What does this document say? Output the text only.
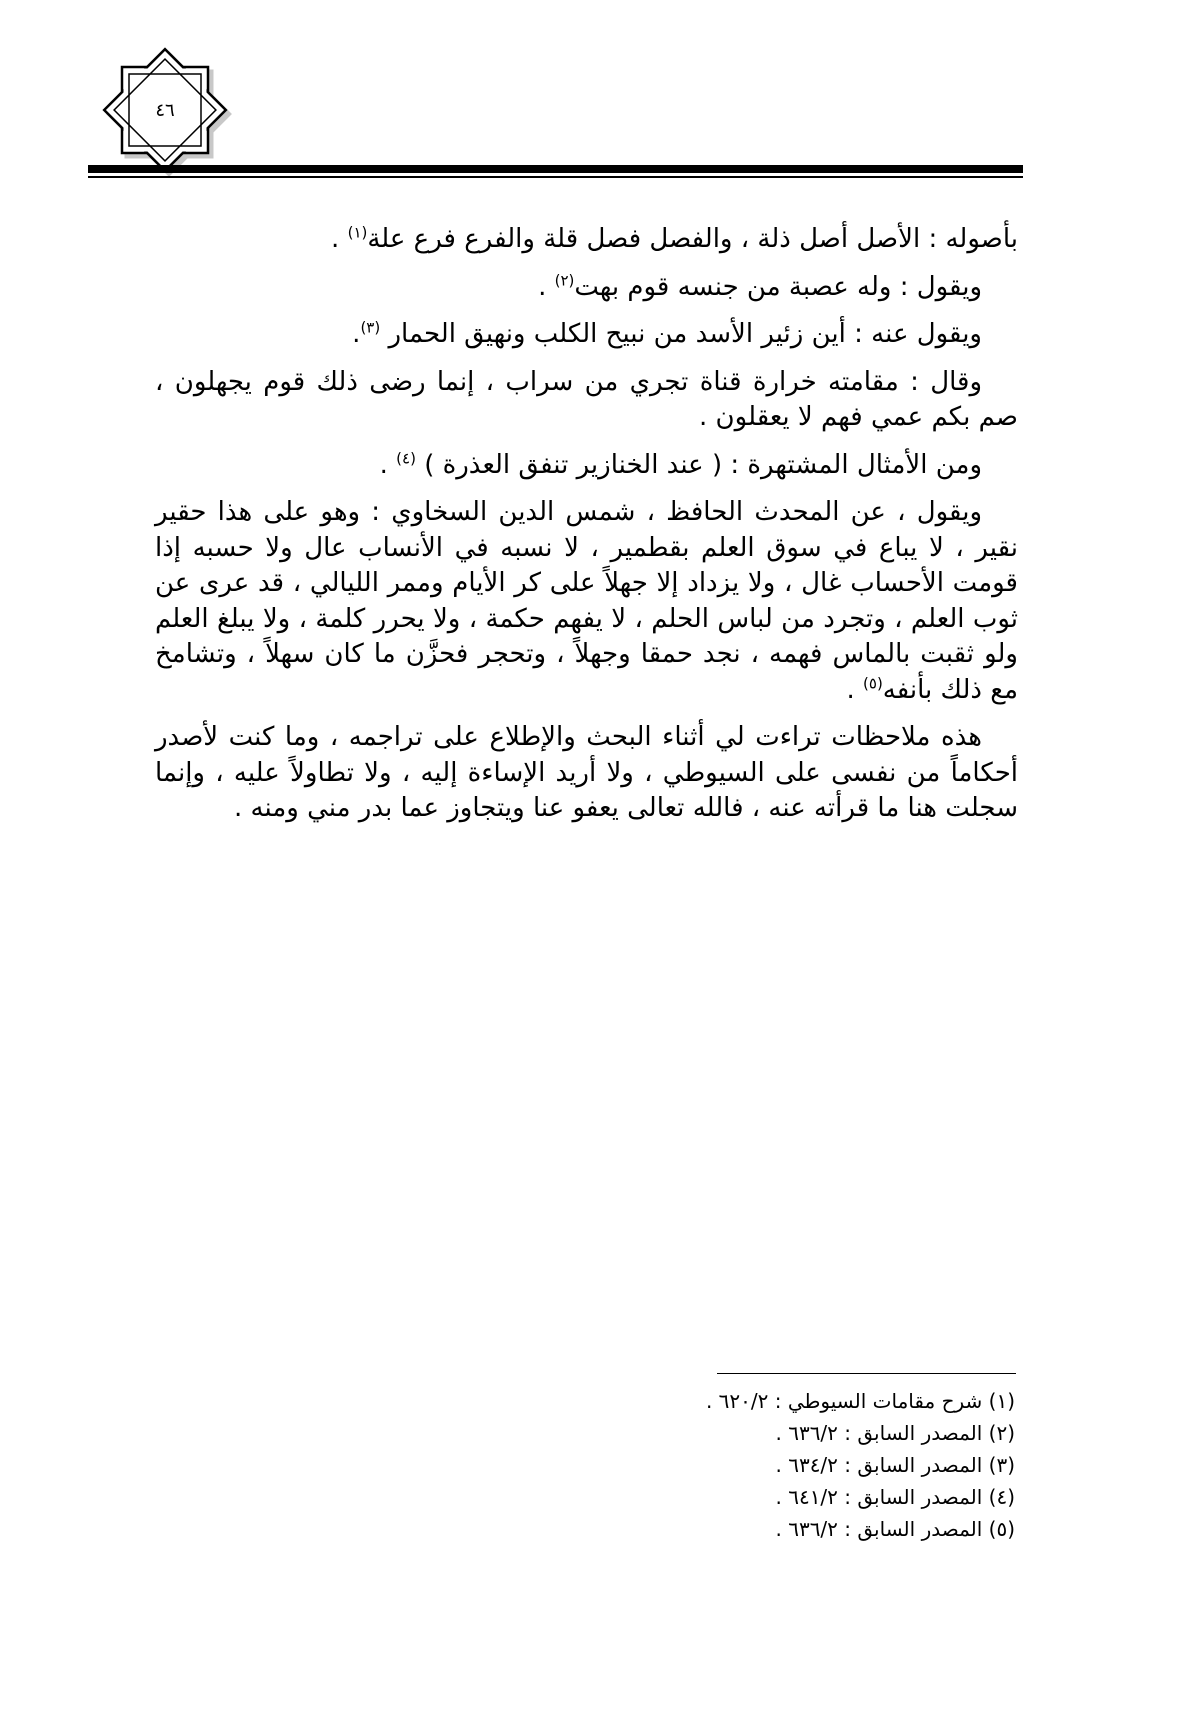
٤٦

بأصوله : الأصل أصل ذلة ، والفصل فصل قلة والفرع فرع علة$^{(١)}$ .

ويقول : وله عصبة من جنسه قوم بهت$^{(٢)}$ .

ويقول عنه : أين زئير الأسد من نبيح الكلب ونهيق الحمار $^{(٣)}$.

وقال : مقامته خرارة قناة تجري من سراب ، إنما رضى ذلك قوم يجهلون ، صم بكم عمي فهم لا يعقلون .

ومن الأمثال المشتهرة : ( عند الخنازير تنفق العذرة ) $^{(٤)}$ .

ويقول ، عن المحدث الحافظ ، شمس الدين السخاوي : وهو على هذا حقير نقير ، لا يباع في سوق العلم بقطمير ، لا نسبه في الأنساب عال ولا حسبه إذا قومت الأحساب غال ، ولا يزداد إلا جهلاً على كر الأيام وممر الليالي ، قد عرى عن ثوب العلم ، وتجرد من لباس الحلم ، لا يفهم حكمة ، ولا يحرر كلمة ، ولا يبلغ العلم ولو ثقبت بالماس فهمه ، نجد حمقا وجهلاً ، وتحجر فحزَّن ما كان سهلاً ، وتشامخ مع ذلك بأنفه$^{(٥)}$ .

هذه ملاحظات تراءت لي أثناء البحث والإطلاع على تراجمه ، وما كنت لأصدر أحكاماً من نفسى على السيوطي ، ولا أريد الإساءة إليه ، ولا تطاولاً عليه ، وإنما سجلت هنا ما قرأته عنه ، فالله تعالى يعفو عنا ويتجاوز عما بدر مني ومنه .

(١) شرح مقامات السيوطي : ٦٢٠/٢ .
(٢) المصدر السابق : ٦٣٦/٢ .
(٣) المصدر السابق : ٦٣٤/٢ .
(٤) المصدر السابق : ٦٤١/٢ .
(٥) المصدر السابق : ٦٣٦/٢ .
